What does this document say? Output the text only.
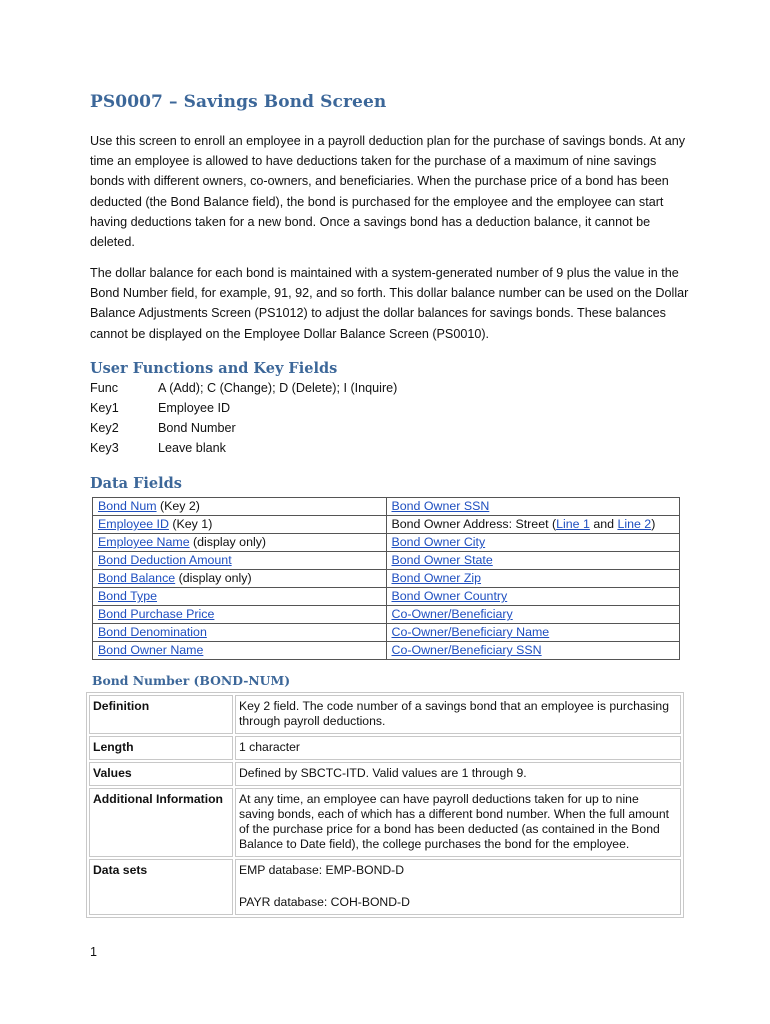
PS0007 – Savings Bond Screen

Use this screen to enroll an employee in a payroll deduction plan for the purchase of savings bonds. At any time an employee is allowed to have deductions taken for the purchase of a maximum of nine savings bonds with different owners, co-owners, and beneficiaries. When the purchase price of a bond has been deducted (the Bond Balance field), the bond is purchased for the employee and the employee can start having deductions taken for a new bond. Once a savings bond has a deduction balance, it cannot be deleted.

The dollar balance for each bond is maintained with a system-generated number of 9 plus the value in the Bond Number field, for example, 91, 92, and so forth. This dollar balance number can be used on the Dollar Balance Adjustments Screen (PS1012) to adjust the dollar balances for savings bonds. These balances cannot be displayed on the Employee Dollar Balance Screen (PS0010).

User Functions and Key Fields
Func	A (Add); C (Change); D (Delete); I (Inquire)
Key1	Employee ID
Key2	Bond Number
Key3	Leave blank
Data Fields
Bond Num (Key 2)	Bond Owner SSN
Employee ID (Key 1)	Bond Owner Address: Street (Line 1 and Line 2)
Employee Name (display only)	Bond Owner City
Bond Deduction Amount	Bond Owner State
Bond Balance (display only)	Bond Owner Zip
Bond Type	Bond Owner Country
Bond Purchase Price	Co-Owner/Beneficiary
Bond Denomination	Co-Owner/Beneficiary Name
Bond Owner Name	Co-Owner/Beneficiary SSN
Bond Number (BOND-NUM)
Definition	Key 2 field. The code number of a savings bond that an employee is purchasing through payroll deductions.
Length	1 character
Values	Defined by SBCTC-ITD. Valid values are 1 through 9.
Additional Information	At any time, an employee can have payroll deductions taken for up to nine saving bonds, each of which has a different bond number. When the full amount of the purchase price for a bond has been deducted (as contained in the Bond Balance to Date field), the college purchases the bond for the employee.
Data sets	EMP database: EMP-BOND-D

PAYR database: COH-BOND-D

1
